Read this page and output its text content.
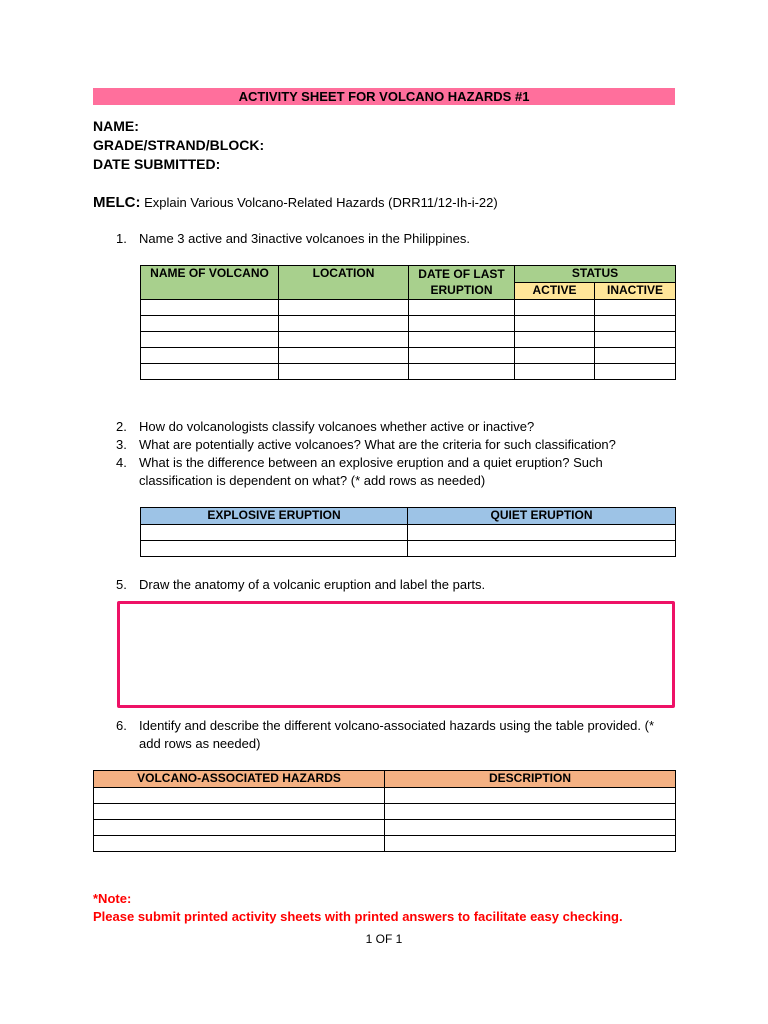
ACTIVITY SHEET FOR VOLCANO HAZARDS #1
NAME:
GRADE/STRAND/BLOCK:
DATE SUBMITTED:
MELC: Explain Various Volcano-Related Hazards (DRR11/12-Ih-i-22)
1. Name 3 active and 3inactive volcanoes in the Philippines.
NAME OF VOLCANO	LOCATION	DATE OF LAST ERUPTION	STATUS	
			ACTIVE	INACTIVE

2. How do volcanologists classify volcanoes whether active or inactive?
3. What are potentially active volcanoes? What are the criteria for such classification?
4. What is the difference between an explosive eruption and a quiet eruption? Such
classification is dependent on what? (* add rows as needed)
EXPLOSIVE ERUPTION	QUIET ERUPTION

5. Draw the anatomy of a volcanic eruption and label the parts.
6. Identify and describe the different volcano-associated hazards using the table provided. (*
add rows as needed)
VOLCANO-ASSOCIATED HAZARDS	DESCRIPTION

*Note:
Please submit printed activity sheets with printed answers to facilitate easy checking.
1 OF 1
